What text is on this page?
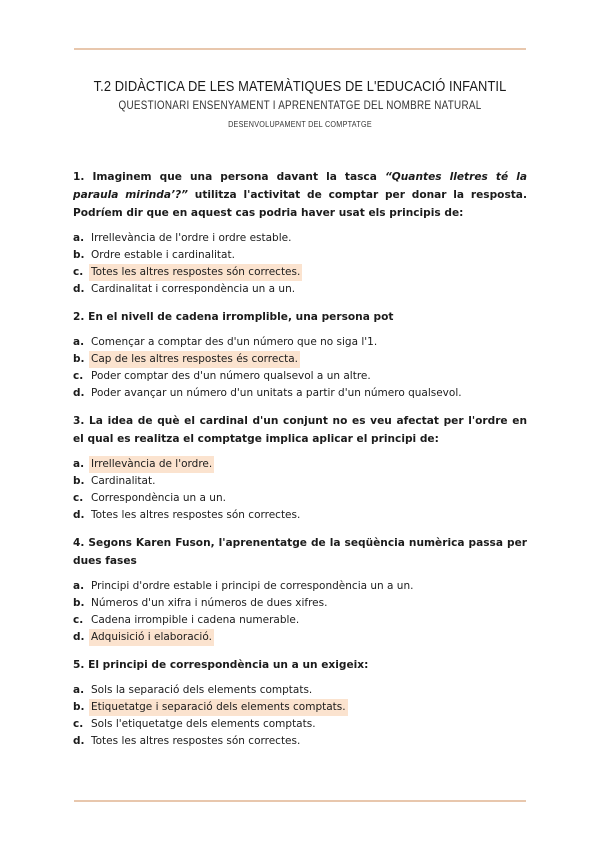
T.2 DIDÀCTICA DE LES MATEMÀTIQUES DE L'EDUCACIÓ INFANTIL
QÜESTIONARI ENSENYAMENT I APRENENTATGE DEL NOMBRE NATURAL
DESENVOLUPAMENT DEL COMPTATGE
1. Imaginem que una persona davant la tasca “Quantes lletres té la paraula mirinda’?” utilitza l'activitat de comptar per donar la resposta. Podríem dir que en aquest cas podria haver usat els principis de:
a. Irrellevància de l'ordre i ordre estable.
b. Ordre estable i cardinalitat.
c. Totes les altres respostes són correctes.
d. Cardinalitat i correspondència un a un.
2. En el nivell de cadena irromplible, una persona pot
a. Començar a comptar des d'un número que no siga l'1.
b. Cap de les altres respostes és correcta.
c. Poder comptar des d'un número qualsevol a un altre.
d. Poder avançar un número d'un unitats a partir d'un número qualsevol.
3. La idea de què el cardinal d'un conjunt no es veu afectat per l'ordre en el qual es realitza el comptatge implica aplicar el principi de:
a. Irrellevància de l'ordre.
b. Cardinalitat.
c. Correspondència un a un.
d. Totes les altres respostes són correctes.
4. Segons Karen Fuson, l'aprenentatge de la seqüència numèrica passa per dues fases
a. Principi d'ordre estable i principi de correspondència un a un.
b. Números d'un xifra i números de dues xifres.
c. Cadena irrompible i cadena numerable.
d. Adquisició i elaboració.
5. El principi de correspondència un a un exigeix:
a. Sols la separació dels elements comptats.
b. Etiquetatge i separació dels elements comptats.
c. Sols l'etiquetatge dels elements comptats.
d. Totes les altres respostes són correctes.
